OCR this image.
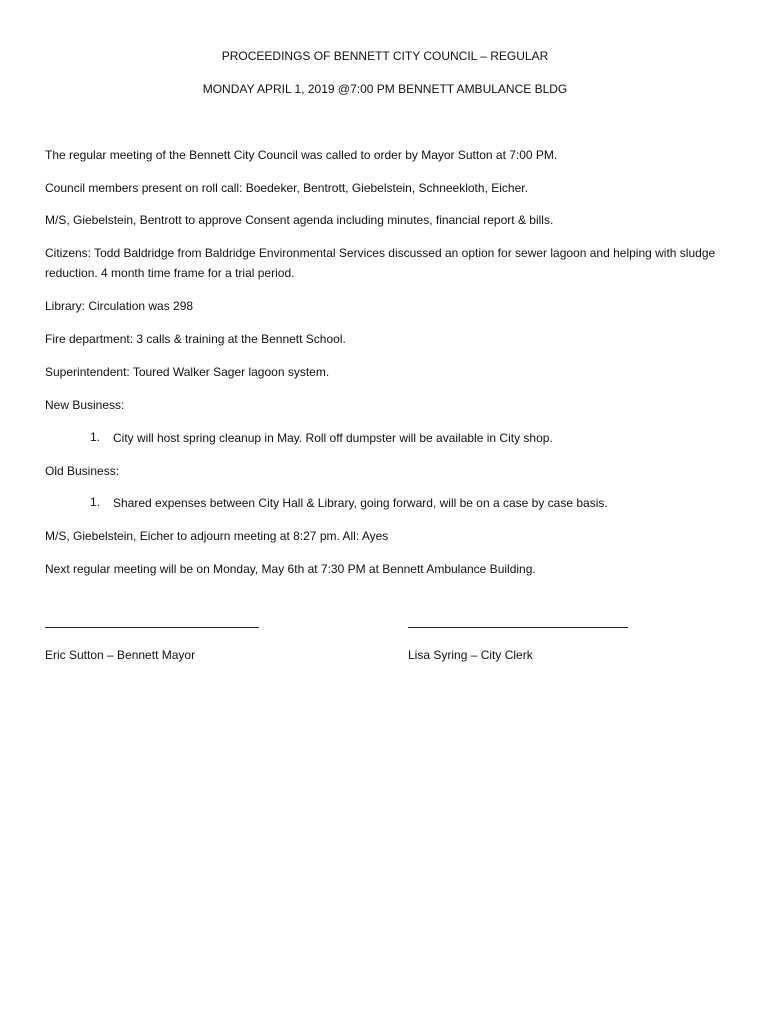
PROCEEDINGS OF BENNETT CITY COUNCIL – REGULAR
MONDAY APRIL 1, 2019 @7:00 PM BENNETT AMBULANCE BLDG
The regular meeting of the Bennett City Council was called to order by Mayor Sutton at 7:00 PM.
Council members present on roll call: Boedeker, Bentrott, Giebelstein, Schneekloth, Eicher.
M/S, Giebelstein, Bentrott to approve Consent agenda including minutes, financial report & bills.
Citizens: Todd Baldridge from Baldridge Environmental Services discussed an option for sewer lagoon and helping with sludge reduction. 4 month time frame for a trial period.
Library: Circulation was 298
Fire department: 3 calls & training at the Bennett School.
Superintendent: Toured Walker Sager lagoon system.
New Business:
1. City will host spring cleanup in May. Roll off dumpster will be available in City shop.
Old Business:
1. Shared expenses between City Hall & Library, going forward, will be on a case by case basis.
M/S, Giebelstein, Eicher to adjourn meeting at 8:27 pm. All: Ayes
Next regular meeting will be on Monday, May 6th at 7:30 PM at Bennett Ambulance Building.
Eric Sutton – Bennett Mayor	Lisa Syring – City Clerk
